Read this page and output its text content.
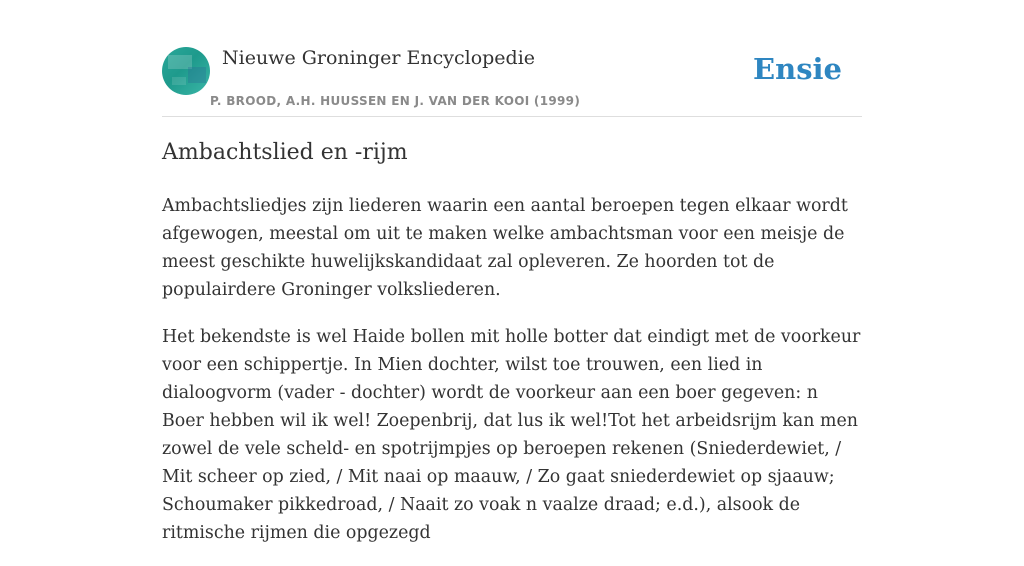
Nieuwe Groninger Encyclopedie
P. BROOD, A.H. HUUSSEN EN J. VAN DER KOOI (1999)
Ensie
Ambachtslied en -rijm

Ambachtsliedjes zijn liederen waarin een aantal beroepen tegen elkaar wordt afgewogen, meestal om uit te maken welke ambachtsman voor een meisje de meest geschikte huwelijkskandidaat zal opleveren. Ze hoorden tot de populairdere Groninger volksliederen.

Het bekendste is wel Haide bollen mit holle botter dat eindigt met de voorkeur voor een schippertje. In Mien dochter, wilst toe trouwen, een lied in dialoogvorm (vader - dochter) wordt de voorkeur aan een boer gegeven: n Boer hebben wil ik wel! Zoepenbrij, dat lus ik wel!Tot het arbeidsrijm kan men zowel de vele scheld- en spotrijmpjes op beroepen rekenen (Sniederdewiet, / Mit scheer op zied, / Mit naai op maauw, / Zo gaat sniederdewiet op sjaauw; Schoumaker pikkedroad, / Naait zo voak n vaalze draad; e.d.), alsook de ritmische rijmen die opgezegd
